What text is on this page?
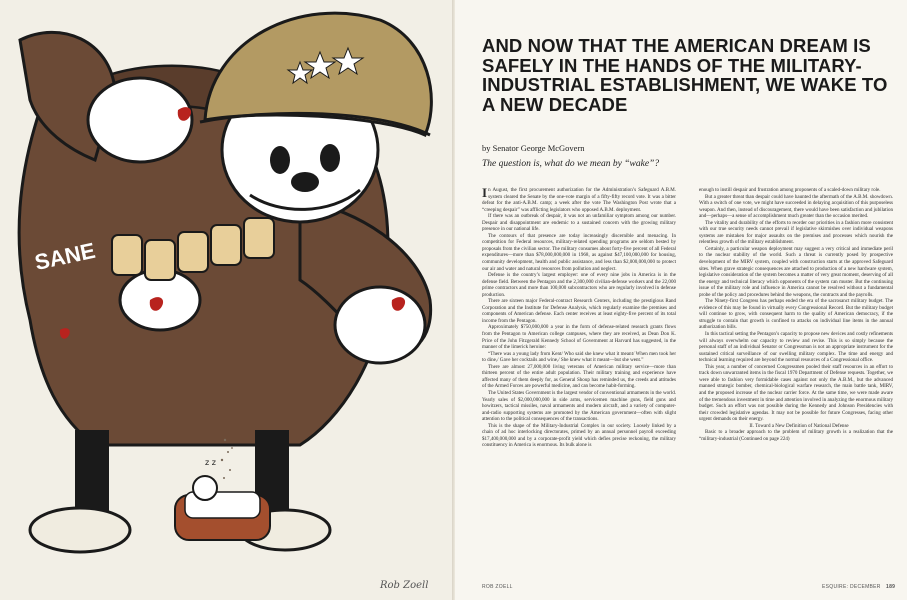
SANE
z z
Rob Zoell
AND NOW THAT THE AMERICAN DREAM IS SAFELY IN THE HANDS OF THE MILITARY-INDUSTRIAL ESTABLISHMENT, WE WAKE TO A NEW DECADE
by Senator George McGovern
The question is, what do we mean by “wake”?

In August, the first procurement authorization for the Administration’s Safeguard A.B.M. system cleared the Senate by the one-vote margin of a fifty-fifty record vote. It was a bitter defeat for the anti-A.B.M. camp; a week after the vote The Washington Post wrote that a “creeping despair” was afflicting legislators who opposed A.B.M. deployment.

If there was an outbreak of despair, it was not an unfamiliar symptom among our number. Despair and disappointment are endemic to a sustained concern with the growing military presence in our national life.

The contours of that presence are today increasingly discernible and menacing. In competition for Federal resources, military-related spending programs are seldom bested by proposals from the civilian sector. The military consumes about forty-five percent of all Federal expenditures—more than $78,000,000,000 in 1968, as against $47,100,000,000 for housing, community development, health and public assistance, and less than $2,000,000,000 to protect our air and water and natural resources from pollution and neglect.

Defense is the country’s largest employer: one of every nine jobs in America is in the defense field. Between the Pentagon and the 2,300,000 civilian-defense workers and the 22,000 prime contractors and more than 100,000 subcontractors who are regularly involved in defense production.

There are sixteen major Federal-contract Research Centers, including the prestigious Rand Corporation and the Institute for Defense Analysis, which regularly examine the premises and components of American defense. Each center receives at least eighty-five percent of its total income from the Pentagon.

Approximately $750,000,000 a year in the form of defense-related research grants flows from the Pentagon to American college campuses, where they are received, as Dean Don K. Price of the John Fitzgerald Kennedy School of Government at Harvard has suggested, in the manner of the limerick heroine:

“There was a young lady from Kent/ Who said she knew what it meant/ When men took her to dine,/ Gave her cocktails and wine,/ She knew what it meant—but she went.”

There are almost 27,000,000 living veterans of American military service—more than thirteen percent of the entire adult population. Their military training and experience have affected many of them deeply for, as General Shoup has reminded us, the creeds and attitudes of the Armed Forces are powerful medicine, and can become habit-forming.

The United States Government is the largest vendor of conventional armaments in the world. Yearly sales of $2,000,000,000 in side arms, servicemen machine guns, field guns and howitzers, tactical missiles, naval armaments and modern aircraft, and a variety of computer-and-radio supporting systems are promoted by the American government—often with slight attention to the political consequences of the transactions.

This is the shape of the Military-Industrial Complex in our society. Loosely linked by a chain of ad hoc interlocking directorates, primed by an annual personnel payroll exceeding $17,400,000,000 and by a corporate-profit yield which defies precise reckoning, the military constituency in America is enormous. Its bulk alone is

enough to instill despair and frustration among proponents of a scaled-down military role.

But a greater threat than despair could have haunted the aftermath of the A.B.M. showdown. With a switch of one vote, we might have succeeded in delaying acquisition of this purposeless weapon. And then, instead of discouragement, there would have been satisfaction and jubilation and—perhaps—a sense of accomplishment much greater than the occasion merited.

The vitality and durability of the efforts to reorder our priorities in a fashion more consistent with our true security needs cannot prevail if legislative skirmishes over individual weapons systems are mistaken for major assaults on the premises and processes which nourish the relentless growth of the military establishment.

Certainly, a particular weapon deployment may suggest a very critical and immediate peril to the nuclear stability of the world. Such a threat is currently posed by prospective development of the MIRV system, coupled with construction starts at the approved Safeguard sites. When grave strategic consequences are attached to production of a new hardware system, legislative consideration of the system becomes a matter of very great moment, deserving of all the energy and technical literacy which opponents of the system can muster. But the continuing issue of the military role and influence in America cannot be resolved without a fundamental probe of the policy and procedures behind the weapons, the contracts and the payrolls.

The Ninety-first Congress has perhaps ended the era of the sacrosanct military budget. The evidence of this may be found in virtually every Congressional Record. But the military budget will continue to grow, with consequent harm to the quality of American democracy, if the struggle to contain that growth is confined to attacks on individual line items in the annual authorization bills.

In this tactical setting the Pentagon’s capacity to propose new devices and costly refinements will always overwhelm our capacity to review and revise. This is so simply because the personal staff of an individual Senator or Congressman is not an appropriate instrument for the sustained critical surveillance of our swelling military complex. The time and energy and technical learning required are beyond the normal resources of a Congressional office.

This year, a number of concerned Congressmen pooled their staff resources in an effort to track down unwarranted items in the fiscal 1970 Department of Defense requests. Together, we were able to fashion very formidable cases against not only the A.B.M., but the advanced manned strategic bomber, chemical-biological warfare research, the main battle tank, MIRV, and the proposed increase of the nuclear carrier force. At the same time, we were made aware of the tremendous investment in time and attention involved in analyzing the enormous military budget. Such an effort was not possible during the Kennedy and Johnson Presidencies with their crowded legislative agendas. It may not be possible for future Congresses, facing other urgent demands on their energy.

II. Toward a New Definition of National Defense

Basic to a broader approach to the problem of military growth is a realization that the “military-industrial (Continued on page 224)

ROB ZOELL	ESQUIRE: DECEMBER 189
